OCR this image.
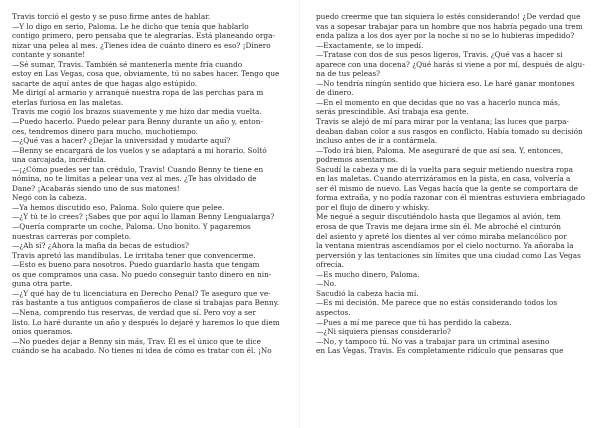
Travis torció el gesto y se puso firme antes de hablar.
—Y lo digo en serio, Paloma. Le he dicho que tenía que hablarlo
contigo primero, pero pensaba que te alegrarías. Está planeando orga-
nizar una pelea al mes. ¿Tienes idea de cuánto dinero es eso? ¡Dinero
contante y sonante!
—Sé sumar, Travis. También sé mantenerla mente fría cuando
estoy en Las Vegas, cosa que, obviamente, tú no sabes hacer. Tengo que
sacarte de aquí antes de que hagas algo estúpido.
Me dirigí al armario y arranqué nuestra ropa de las perchas para m
eterlas furiosa en las maletas.
Travis me cogió los brazos suavemente y me hizo dar media vuelta.
—Puedo hacerlo. Puedo pelear para Benny durante un año y, enton-
ces, tendremos dinero para mucho, muchotiempo.
—¿Qué vas a hacer? ¿Dejar la universidad y mudarte aquí?
—Benny se encargará de los vuelos y se adaptará a mi horario. Soltó
una carcajada, incrédula.
—¡¿Cómo puedes ser tan crédulo, Travis! Cuando Benny te tiene en
nómina, no te limitas a pelear una vez al mes. ¿Te has olvidado de
Dane? ¡Acabarás siendo uno de sus matones!
Negó con la cabeza.
—Ya hemos discutido eso, Paloma. Solo quiere que pelee.
—¿Y tú te lo crees? ¡Sabes que por aquí lo llaman Benny Lengualarga?
—Quería comprarte un coche, Paloma. Uno bonito. Y pagaremos
nuestras carreras por completo.
—¿Ah sí? ¿Ahora la mafia da becas de estudios?
Travis apretó las mandíbulas. Le irritaba tener que convencerme.
—Esto es bueno para nosotros. Puedo guardarlo hasta que tengam
os que compramos una casa. No puedo conseguir tanto dinero en nin-
guna otra parte.
—¿Y qué hay de tu licenciatura en Derecho Penal? Te aseguro que ve-
rás bastante a tus antiguos compañeros de clase si trabajas para Benny.
—Nena, comprendo tus reservas, de verdad que sí. Pero voy a ser
listo. Lo haré durante un año y después lo dejaré y haremos lo que diem
onios queramos.
—No puedes dejar a Benny sin más, Trav. Él es el único que te dice
cuándo se ha acabado. No tienes ni idea de cómo es tratar con él. ¡No
puedo creerme que tan siquiera lo estés considerando! ¿De verdad que
vas a sopesar trabajar para un hombre que nos habría pegado una trem
enda paliza a los dos ayer por la noche si no se lo hubieras impedido?
—Exactamente, se lo impedí.
—Tratase con dos de sus pesos ligeros, Travis. ¿Qué vas a hacer si
aparece con una docena? ¿Qué harás si viene a por mí, después de algu-
na de tus peleas?
—No tendría ningún sentido que hiciera eso. Le haré ganar montones
de dinero.
—En el momento en que decidas que no vas a hacerlo nunca más,
serás prescindible. Así trabaja esa gente.
Travis se alejó de mí para mirar por la ventana; las luces que parpa-
deaban daban color a sus rasgos en conflicto. Había tomado su decisión
incluso antes de ir a contármela.
—Todo irá bien, Paloma. Me aseguraré de que así sea. Y, entonces,
podremos asentarnos.
Sacudí la cabeza y me di la vuelta para seguir metiendo nuestra ropa
en las maletas. Cuando aterrizáramos en la pista, en casa, volvería a
ser él mismo de nuevo. Las Vegas hacía que la gente se comportara de
forma extraña, y no podía razonar con él mientras estuviera embriagado
por el flujo de dinero y whisky.
Me negué a seguir discutiéndolo hasta que llegamos al avión, tem
erosa de que Travis me dejara irme sin él. Me abroché el cinturón
del asiento y apreté los dientes al ver cómo miraba melancólico por
la ventana mientras ascendíamos por el cielo nocturno. Ya añoraba la
perversión y las tentaciones sin límites que una ciudad como Las Vegas
ofrecía.
—Es mucho dinero, Paloma.
—No.
Sacudió la cabeza hacia mí.
—Es mi decisión. Me parece que no estás considerando todos los
aspectos.
—Pues a mí me parece que tú has perdido la cabeza.
—¿Ni siquiera piensas considerarlo?
—No, y tampoco tú. No vas a trabajar para un criminal asesino
en Las Vegas, Travis. Es completamente ridículo que pensaras que
